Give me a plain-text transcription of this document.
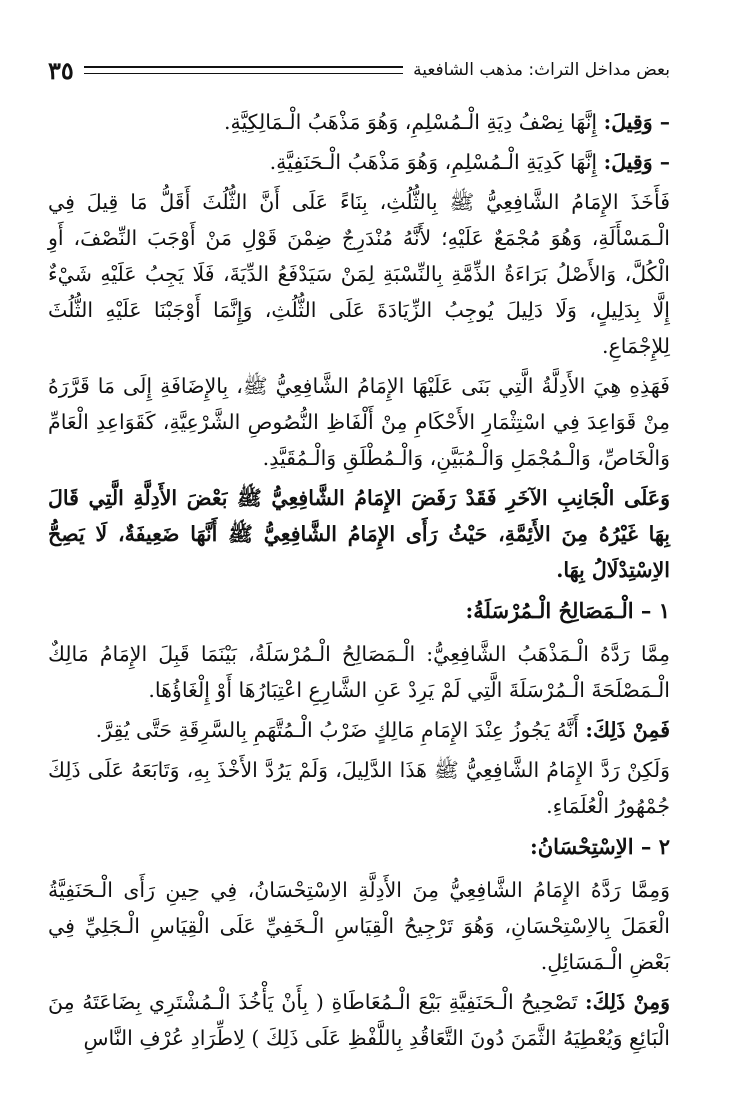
بعض مداخل التراث: مذهب الشافعية
٣٥

– وَقِيلَ: إِنَّهَا نِصْفُ دِيَةِ الْـمُسْلِمِ، وَهُوَ مَذْهَبُ الْـمَالِكِيَّةِ.

– وَقِيلَ: إِنَّهَا كَدِيَةِ الْـمُسْلِمِ، وَهُوَ مَذْهَبُ الْـحَنَفِيَّةِ.

فَأَخَذَ الإِمَامُ الشَّافِعِيُّ ﷺ بِالثُّلُثِ، بِنَاءً عَلَى أَنَّ الثُّلُثَ أَقَلُّ مَا قِيلَ فِي الْـمَسْأَلَةِ، وَهُوَ مُجْمَعٌ عَلَيْهِ؛ لأَنَّهُ مُنْدَرِجٌ ضِمْنَ قَوْلِ مَنْ أَوْجَبَ النِّصْفَ، أَوِ الْكُلَّ، وَالأَصْلُ بَرَاءَةُ الذِّمَّةِ بِالنِّسْبَةِ لِمَنْ سَيَدْفَعُ الدِّيَةَ، فَلَا يَجِبُ عَلَيْهِ شَيْءٌ إِلَّا بِدَلِيلٍ، وَلَا دَلِيلَ يُوجِبُ الزِّيَادَةَ عَلَى الثُّلُثِ، وَإِنَّمَا أَوْجَبْنَا عَلَيْهِ الثُّلُثَ لِلإِجْمَاعِ.

فَهَذِهِ هِيَ الأَدِلَّةُ الَّتِي بَنَى عَلَيْهَا الإِمَامُ الشَّافِعِيُّ ﷺ، بِالإِضَافَةِ إِلَى مَا قَرَّرَهُ مِنْ قَوَاعِدَ فِي اسْتِثْمَارِ الأَحْكَامِ مِنْ أَلْفَاظِ النُّصُوصِ الشَّرْعِيَّةِ، كَقَوَاعِدِ الْعَامِّ وَالْخَاصِّ، وَالْـمُجْمَلِ وَالْـمُبَيَّنِ، وَالْـمُطْلَقِ وَالْـمُقَيَّدِ.

وَعَلَى الْجَانِبِ الآخَرِ فَقَدْ رَفَضَ الإِمَامُ الشَّافِعِيُّ ﷺ بَعْضَ الأَدِلَّةِ الَّتِي قَالَ بِهَا غَيْرُهُ مِنَ الأَئِمَّةِ، حَيْثُ رَأَى الإِمَامُ الشَّافِعِيُّ ﷺ أَنَّهَا ضَعِيفَةٌ، لَا يَصِحُّ الاِسْتِدْلَالُ بِهَا.

١ – الْـمَصَالِحُ الْـمُرْسَلَةُ:

مِمَّا رَدَّهُ الْـمَذْهَبُ الشَّافِعِيُّ: الْـمَصَالِحُ الْـمُرْسَلَةُ، بَيْنَمَا قَبِلَ الإِمَامُ مَالِكٌ الْـمَصْلَحَةَ الْـمُرْسَلَةَ الَّتِي لَمْ يَرِدْ عَنِ الشَّارِعِ اعْتِبَارُهَا أَوْ إِلْغَاؤُهَا.

فَمِنْ ذَلِكَ: أَنَّهُ يَجُوزُ عِنْدَ الإِمَامِ مَالِكٍ ضَرْبُ الْـمُتَّهَمِ بِالسَّرِقَةِ حَتَّى يُقِرَّ.

وَلَكِنْ رَدَّ الإِمَامُ الشَّافِعِيُّ ﷺ هَذَا الدَّلِيلَ، وَلَمْ يَرُدَّ الأَخْذَ بِهِ، وَتَابَعَهُ عَلَى ذَلِكَ جُمْهُورُ الْعُلَمَاءِ.

٢ – الاِسْتِحْسَانُ:

وَمِمَّا رَدَّهُ الإِمَامُ الشَّافِعِيُّ مِنَ الأَدِلَّةِ الاِسْتِحْسَانُ، فِي حِينِ رَأَى الْـحَنَفِيَّةُ الْعَمَلَ بِالاِسْتِحْسَانِ، وَهُوَ تَرْجِيحُ الْقِيَاسِ الْـخَفِيِّ عَلَى الْقِيَاسِ الْـجَلِيِّ فِي بَعْضِ الْـمَسَائِلِ.

وَمِنْ ذَلِكَ: تَصْحِيحُ الْـحَنَفِيَّةِ بَيْعَ الْـمُعَاطَاةِ ( بِأَنْ يَأْخُذَ الْـمُشْتَرِي بِضَاعَتَهُ مِنَ الْبَائِعِ وَيُعْطِيَهُ الثَّمَنَ دُونَ التَّعَاقُدِ بِاللَّفْظِ عَلَى ذَلِكَ ) لِاطِّرَادِ عُرْفِ النَّاسِ
